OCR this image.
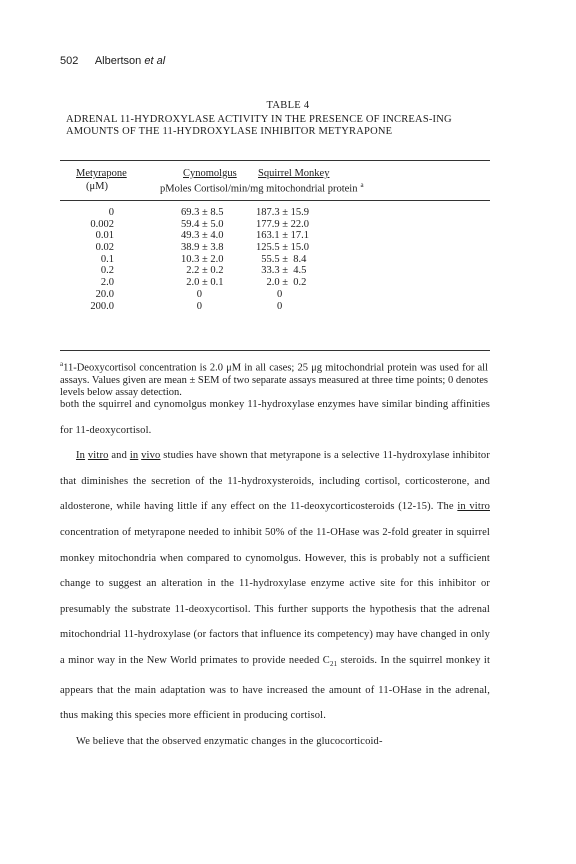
502 Albertson et al
TABLE 4
ADRENAL 11-HYDROXYLASE ACTIVITY IN THE PRESENCE OF INCREAS-ING AMOUNTS OF THE 11-HYDROXYLASE INHIBITOR METYRAPONE
Metyrapone
(μM)
Cynomolgus Squirrel Monkey
pMoles Cortisol/min/mg mitochondrial protein $^a$
0	69.3 ± 8.5	187.3 ± 15.9
0.002	59.4 ± 5.0	177.9 ± 22.0
0.01	49.3 ± 4.0	163.1 ± 17.1
0.02	38.9 ± 3.8	125.5 ± 15.0
0.1	10.3 ± 2.0	55.5 ±  8.4
0.2	2.2 ± 0.2	33.3 ±  4.5
2.0	2.0 ± 0.1	2.0 ±  0.2
20.0	0	0
200.0	0	0
$^a$11-Deoxycortisol concentration is 2.0 μM in all cases; 25 μg mitochondrial protein was used for all assays. Values given are mean ± SEM of two separate assays measured at three time points; 0 denotes levels below assay detection.

both the squirrel and cynomolgus monkey 11-hydroxylase enzymes have similar binding affinities for 11-deoxycortisol.

In vitro and in vivo studies have shown that metyrapone is a selective 11-hydroxylase inhibitor that diminishes the secretion of the 11-hydroxysteroids, including cortisol, corticosterone, and aldosterone, while having little if any effect on the 11-deoxycorticosteroids (12-15). The in vitro concentration of metyrapone needed to inhibit 50% of the 11-OHase was 2-fold greater in squirrel monkey mitochondria when compared to cynomolgus. However, this is probably not a sufficient change to suggest an alteration in the 11-hydroxylase enzyme active site for this inhibitor or presumably the substrate 11-deoxycortisol. This further supports the hypothesis that the adrenal mitochondrial 11-hydroxylase (or factors that influence its competency) may have changed in only a minor way in the New World primates to provide needed $C_{21}$ steroids. In the squirrel monkey it appears that the main adaptation was to have increased the amount of 11-OHase in the adrenal, thus making this species more efficient in producing cortisol.

We believe that the observed enzymatic changes in the glucocorticoid-
